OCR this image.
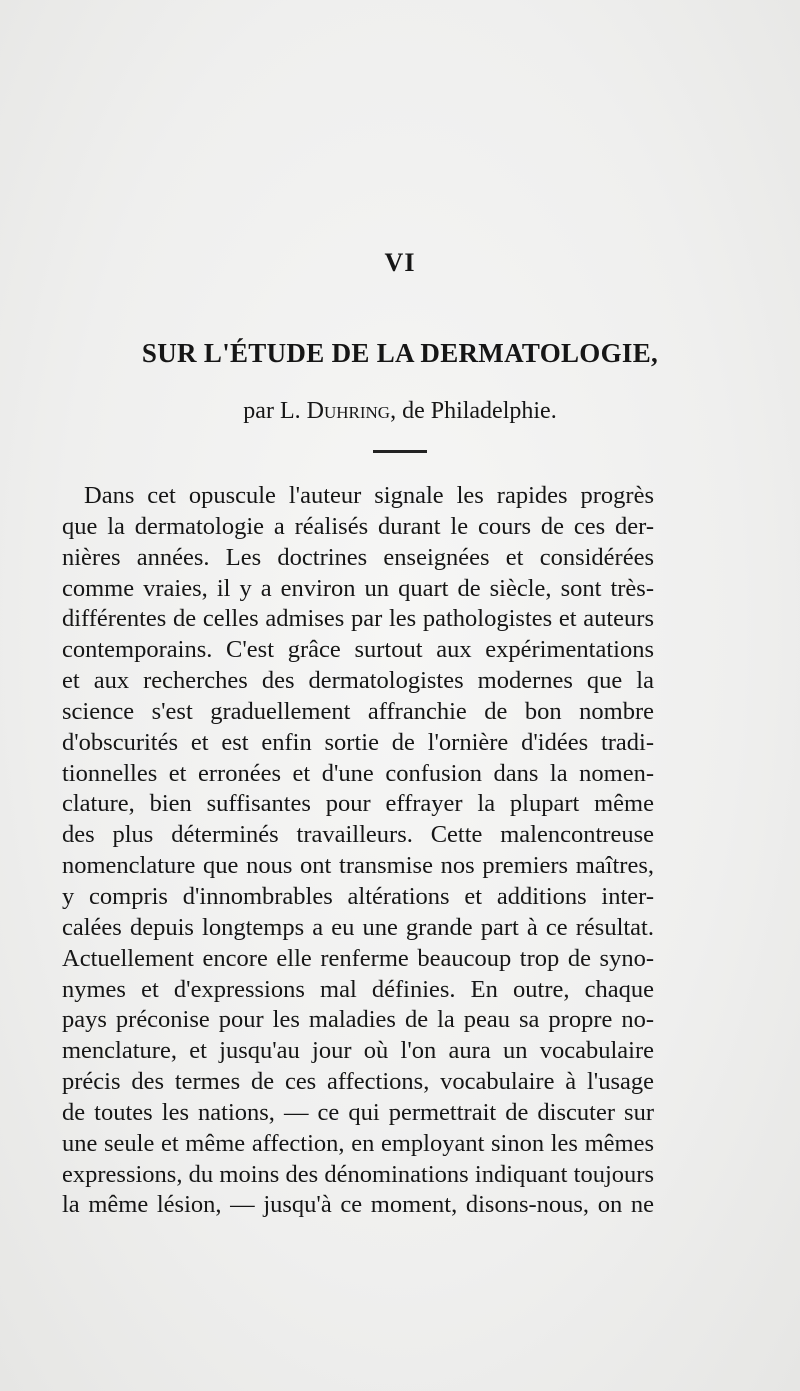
VI
SUR L'ÉTUDE DE LA DERMATOLOGIE,
par L. Duhring, de Philadelphie.
Dans cet opuscule l'auteur signale les rapides progrès
que la dermatologie a réalisés durant le cours de ces der-
nières années. Les doctrines enseignées et considérées
comme vraies, il y a environ un quart de siècle, sont très-
différentes de celles admises par les pathologistes et auteurs
contemporains. C'est grâce surtout aux expérimentations
et aux recherches des dermatologistes modernes que la
science s'est graduellement affranchie de bon nombre
d'obscurités et est enfin sortie de l'ornière d'idées tradi-
tionnelles et erronées et d'une confusion dans la nomen-
clature, bien suffisantes pour effrayer la plupart même
des plus déterminés travailleurs. Cette malencontreuse
nomenclature que nous ont transmise nos premiers maîtres,
y compris d'innombrables altérations et additions inter-
calées depuis longtemps a eu une grande part à ce résultat.
Actuellement encore elle renferme beaucoup trop de syno-
nymes et d'expressions mal définies. En outre, chaque
pays préconise pour les maladies de la peau sa propre no-
menclature, et jusqu'au jour où l'on aura un vocabulaire
précis des termes de ces affections, vocabulaire à l'usage
de toutes les nations, — ce qui permettrait de discuter sur
une seule et même affection, en employant sinon les mêmes
expressions, du moins des dénominations indiquant toujours
la même lésion, — jusqu'à ce moment, disons-nous, on ne
